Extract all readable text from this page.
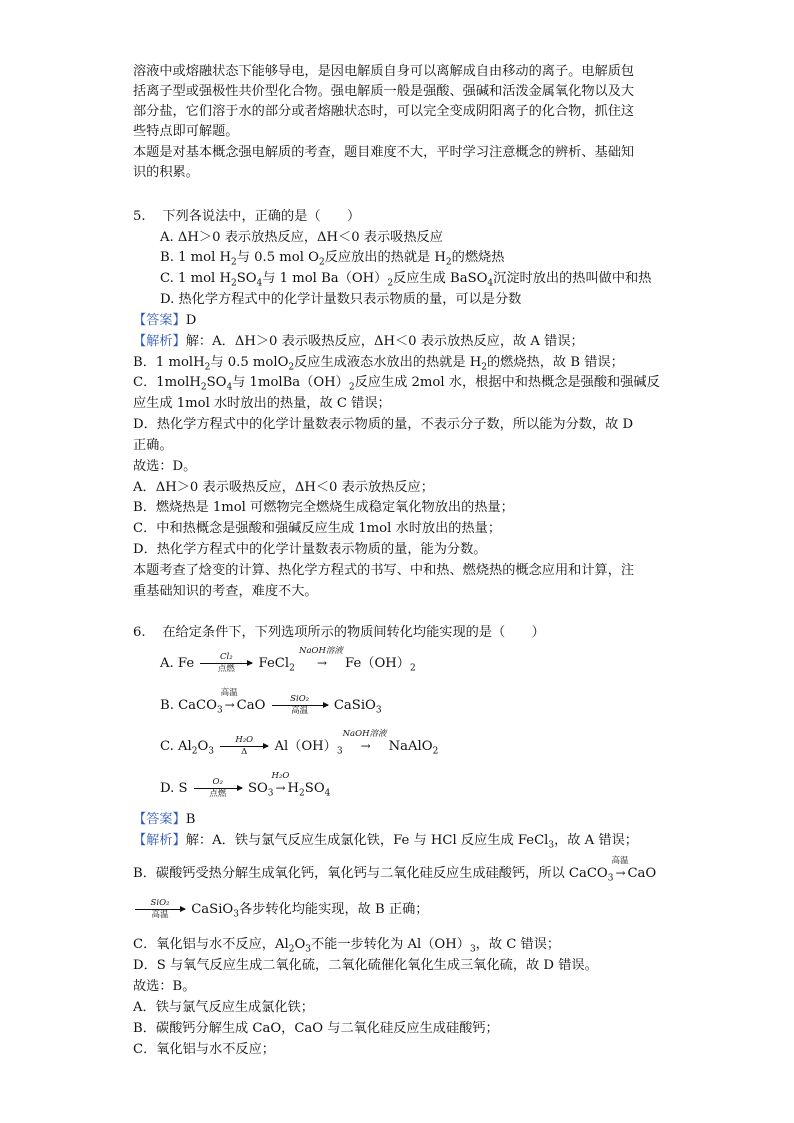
溶液中或熔融状态下能够导电，是因电解质自身可以离解成自由移动的离子。电解质包
括离子型或强极性共价型化合物。强电解质一般是强酸、强碱和活泼金属氧化物以及大
部分盐，它们溶于水的部分或者熔融状态时，可以完全变成阴阳离子的化合物，抓住这
些特点即可解题。
本题是对基本概念强电解质的考查，题目难度不大，平时学习注意概念的辨析、基础知
识的积累。
5. 下列各说法中，正确的是（　　）
A. ΔH＞0 表示放热反应，ΔH＜0 表示吸热反应
B. 1 mol $H_2$与 0.5 mol $O_2$反应放出的热就是 $H_2$的燃烧热
C. 1 mol $H_2SO_4$与 1 mol $Ba(OH)_2$反应生成 BaSO$_4$沉淀时放出的热叫做中和热
D. 热化学方程式中的化学计量数只表示物质的量，可以是分数
【答案】D
【解析】解：A．ΔH＞0 表示吸热反应，ΔH＜0 表示放热反应，故 A 错误；
B．1 molH$_2$与 0.5 molO$_2$反应生成液态水放出的热就是 $H_2$的燃烧热，故 B 错误；
C．$1molH_2SO_4$与 $1molBa(OH)_2$反应生成 2mol 水，根据中和热概念是强酸和强碱反
应生成 1mol 水时放出的热量，故 C 错误；
D．热化学方程式中的化学计量数表示物质的量，不表示分子数，所以能为分数，故 D
正确。
故选：D。
A．ΔH＞0 表示吸热反应，ΔH＜0 表示放热反应；
B．燃烧热是 1mol 可燃物完全燃烧生成稳定氧化物放出的热量；
C．中和热概念是强酸和强碱反应生成 1mol 水时放出的热量；
D．热化学方程式中的化学计量数表示物质的量，能为分数。
本题考查了焓变的计算、热化学方程式的书写、中和热、燃烧热的概念应用和计算，注
重基础知识的考查，难度不大。
6. 在给定条件下，下列选项所示的物质间转化均能实现的是（　　）
A. Fe	Cl₂
点燃	FeCl$_2$
NaOH溶液
→ $Fe(OH)_2$
B. CaCO$_3$
高温
→ CaO	SiO₂
高温	CaSiO$_3$
C. $Al_2O_3 \frac{\text{H₂O}}{\Delta} Al(OH)_3$
NaOH溶液
→ NaAlO$_2$
D. S	O₂
点燃	$SO_3$
H₂O
→ $H_2SO_4$
【答案】B
【解析】解：A．铁与氯气反应生成氯化铁，Fe 与 HCl 反应生成 FeCl$_3$，故 A 错误；
B．碳酸钙受热分解生成氧化钙，氧化钙与二氧化硅反应生成硅酸钙，所以 CaCO$_3$
高温
→ CaO
SiO₂
高温	CaSiO$_3$各步转化均能实现，故 B 正确；
C．氧化铝与水不反应，$Al_2O_3$不能一步转化为 $Al(OH)_3$，故 C 错误；
D．S 与氧气反应生成二氧化硫，二氧化硫催化氧化生成三氧化硫，故 D 错误。
故选：B。
A．铁与氯气反应生成氯化铁；
B．碳酸钙分解生成 CaO，CaO 与二氧化硅反应生成硅酸钙；
C．氧化铝与水不反应；
